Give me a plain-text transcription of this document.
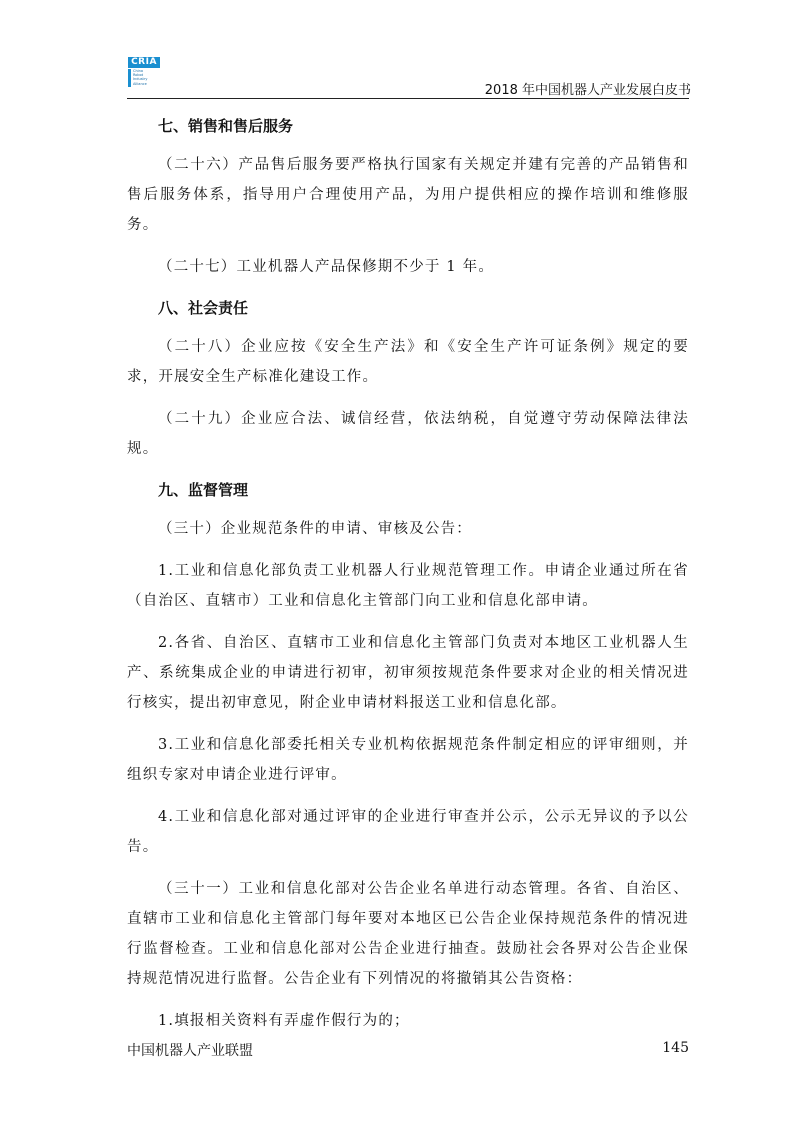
CRIA
China
Robot
Industry
Alliance	2018 年中国机器人产业发展白皮书
七、销售和售后服务

（二十六）产品售后服务要严格执行国家有关规定并建有完善的产品销售和售后服务体系，指导用户合理使用产品，为用户提供相应的操作培训和维修服务。

（二十七）工业机器人产品保修期不少于 1 年。

八、社会责任

（二十八）企业应按《安全生产法》和《安全生产许可证条例》规定的要求，开展安全生产标准化建设工作。

（二十九）企业应合法、诚信经营，依法纳税，自觉遵守劳动保障法律法规。

九、监督管理

（三十）企业规范条件的申请、审核及公告：

1.工业和信息化部负责工业机器人行业规范管理工作。申请企业通过所在省（自治区、直辖市）工业和信息化主管部门向工业和信息化部申请。

2.各省、自治区、直辖市工业和信息化主管部门负责对本地区工业机器人生产、系统集成企业的申请进行初审，初审须按规范条件要求对企业的相关情况进行核实，提出初审意见，附企业申请材料报送工业和信息化部。

3.工业和信息化部委托相关专业机构依据规范条件制定相应的评审细则，并组织专家对申请企业进行评审。

4.工业和信息化部对通过评审的企业进行审查并公示，公示无异议的予以公告。

（三十一）工业和信息化部对公告企业名单进行动态管理。各省、自治区、直辖市工业和信息化主管部门每年要对本地区已公告企业保持规范条件的情况进行监督检查。工业和信息化部对公告企业进行抽查。鼓励社会各界对公告企业保持规范情况进行监督。公告企业有下列情况的将撤销其公告资格：

1.填报相关资料有弄虚作假行为的；

中国机器人产业联盟	145
